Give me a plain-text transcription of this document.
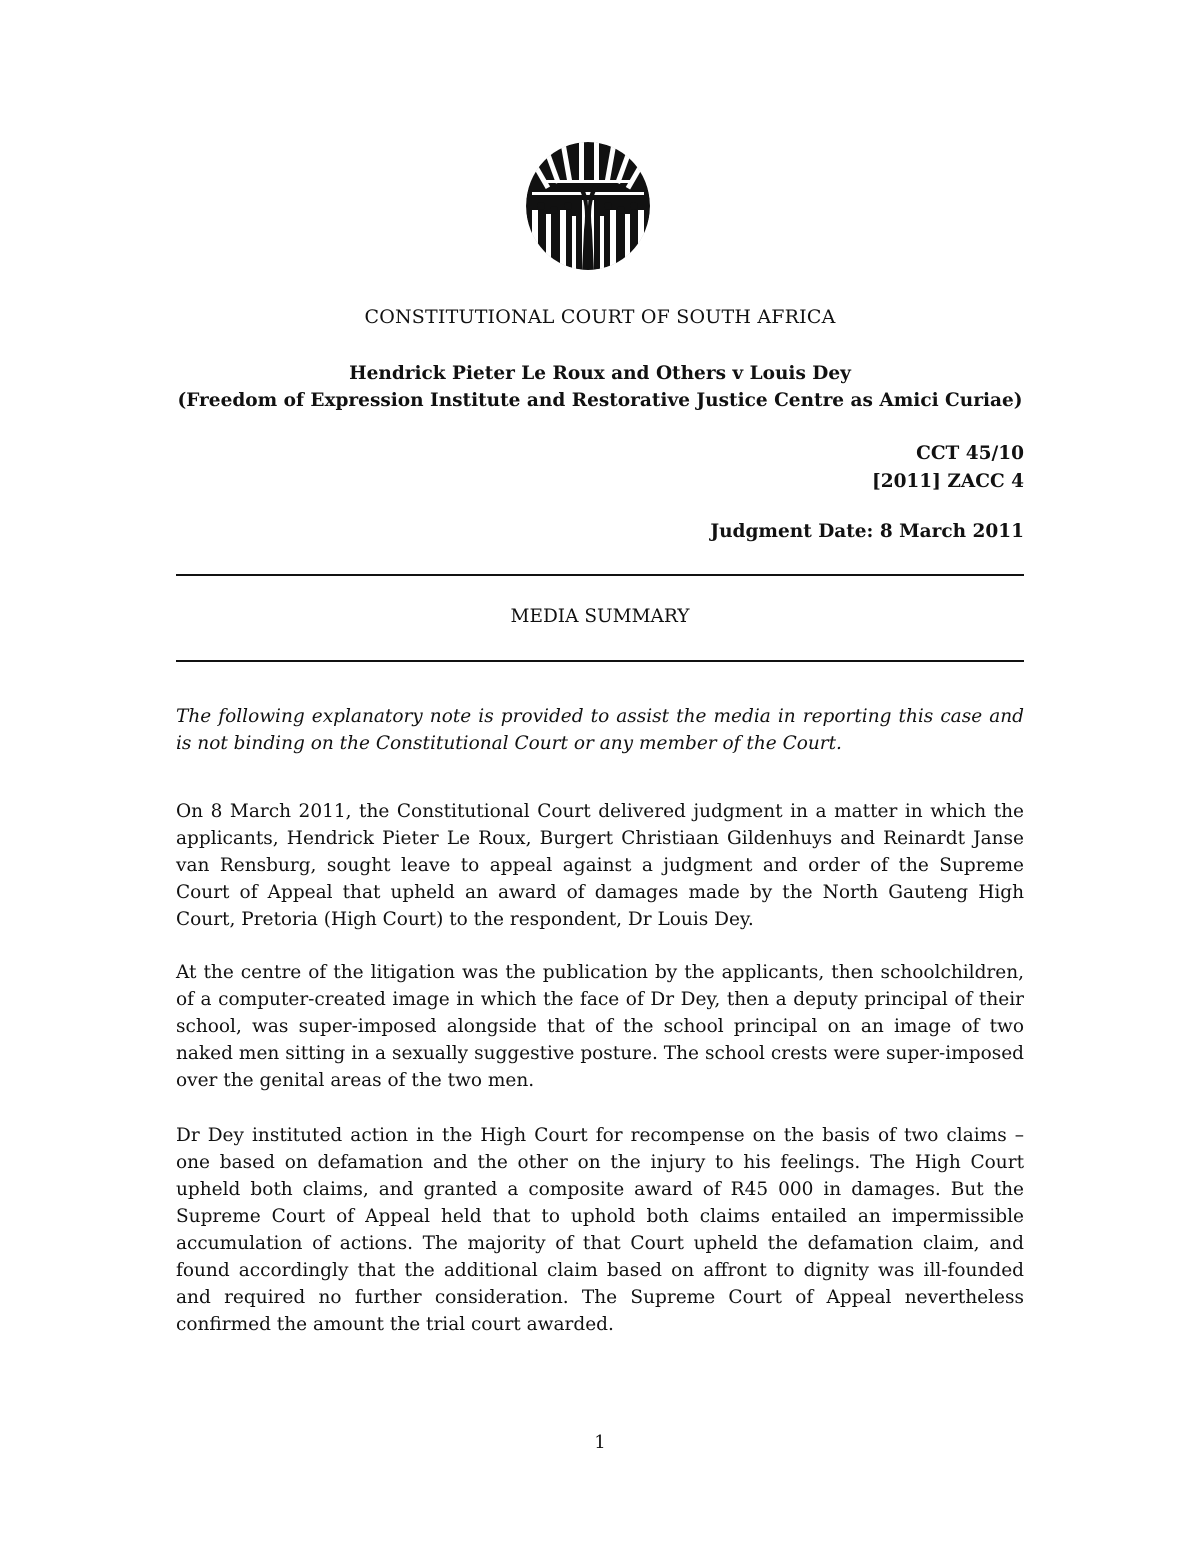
CONSTITUTIONAL COURT OF SOUTH AFRICA
Hendrick Pieter Le Roux and Others v Louis Dey
(Freedom of Expression Institute and Restorative Justice Centre as Amici Curiae)
CCT 45/10
[2011] ZACC 4
Judgment Date: 8 March 2011
MEDIA SUMMARY
The following explanatory note is provided to assist the media in reporting this case and is not binding on the Constitutional Court or any member of the Court.
On 8 March 2011, the Constitutional Court delivered judgment in a matter in which the applicants, Hendrick Pieter Le Roux, Burgert Christiaan Gildenhuys and Reinardt Janse van Rensburg, sought leave to appeal against a judgment and order of the Supreme Court of Appeal that upheld an award of damages made by the North Gauteng High Court, Pretoria (High Court) to the respondent, Dr Louis Dey.
At the centre of the litigation was the publication by the applicants, then schoolchildren, of a computer-created image in which the face of Dr Dey, then a deputy principal of their school, was super-imposed alongside that of the school principal on an image of two naked men sitting in a sexually suggestive posture. The school crests were super-imposed over the genital areas of the two men.
Dr Dey instituted action in the High Court for recompense on the basis of two claims – one based on defamation and the other on the injury to his feelings. The High Court upheld both claims, and granted a composite award of R45 000 in damages. But the Supreme Court of Appeal held that to uphold both claims entailed an impermissible accumulation of actions. The majority of that Court upheld the defamation claim, and found accordingly that the additional claim based on affront to dignity was ill-founded and required no further consideration. The Supreme Court of Appeal nevertheless confirmed the amount the trial court awarded.
1
